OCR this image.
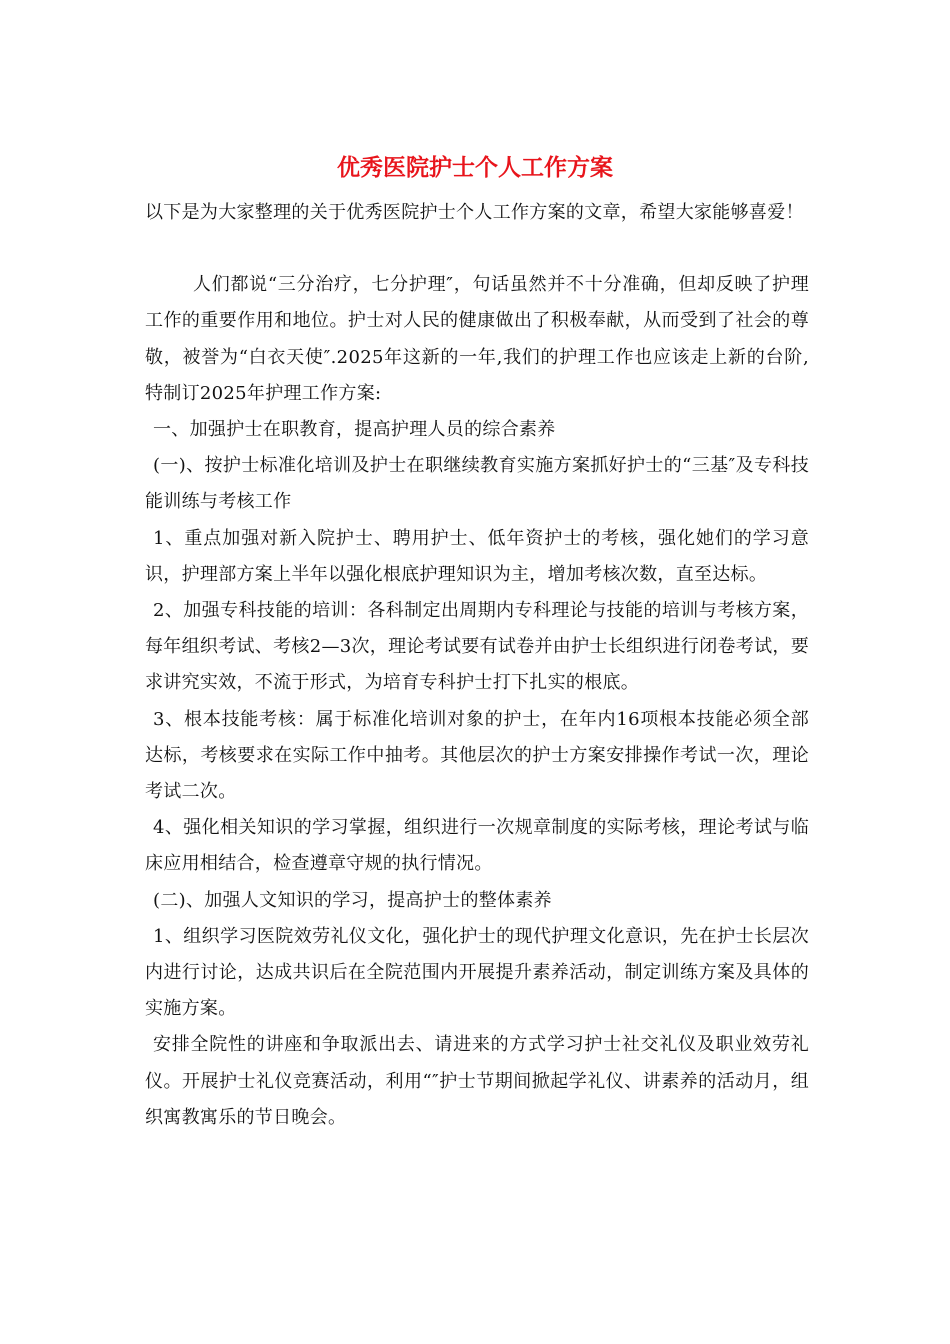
优秀医院护士个人工作方案

以下是为大家整理的关于优秀医院护士个人工作方案的文章，希望大家能够喜爱！

人们都说“三分治疗，七分护理″，句话虽然并不十分准确，但却反映了护理工作的重要作用和地位。护士对人民的健康做出了积极奉献，从而受到了社会的尊敬，被誉为“白衣天使″.2025年这新的一年,我们的护理工作也应该走上新的台阶,特制订2025年护理工作方案:

一、加强护士在职教育，提高护理人员的综合素养

(一)、按护士标准化培训及护士在职继续教育实施方案抓好护士的“三基″及专科技能训练与考核工作

1、重点加强对新入院护士、聘用护士、低年资护士的考核，强化她们的学习意识，护理部方案上半年以强化根底护理知识为主，增加考核次数，直至达标。

2、加强专科技能的培训：各科制定出周期内专科理论与技能的培训与考核方案，每年组织考试、考核2—3次，理论考试要有试卷并由护士长组织进行闭卷考试，要求讲究实效，不流于形式，为培育专科护士打下扎实的根底。

3、根本技能考核：属于标准化培训对象的护士，在年内16项根本技能必须全部达标，考核要求在实际工作中抽考。其他层次的护士方案安排操作考试一次，理论考试二次。

4、强化相关知识的学习掌握，组织进行一次规章制度的实际考核，理论考试与临床应用相结合，检查遵章守规的执行情况。

(二)、加强人文知识的学习，提高护士的整体素养

1、组织学习医院效劳礼仪文化，强化护士的现代护理文化意识，先在护士长层次内进行讨论，达成共识后在全院范围内开展提升素养活动，制定训练方案及具体的实施方案。

安排全院性的讲座和争取派出去、请进来的方式学习护士社交礼仪及职业效劳礼仪。开展护士礼仪竞赛活动，利用“″护士节期间掀起学礼仪、讲素养的活动月，组织寓教寓乐的节日晚会。
